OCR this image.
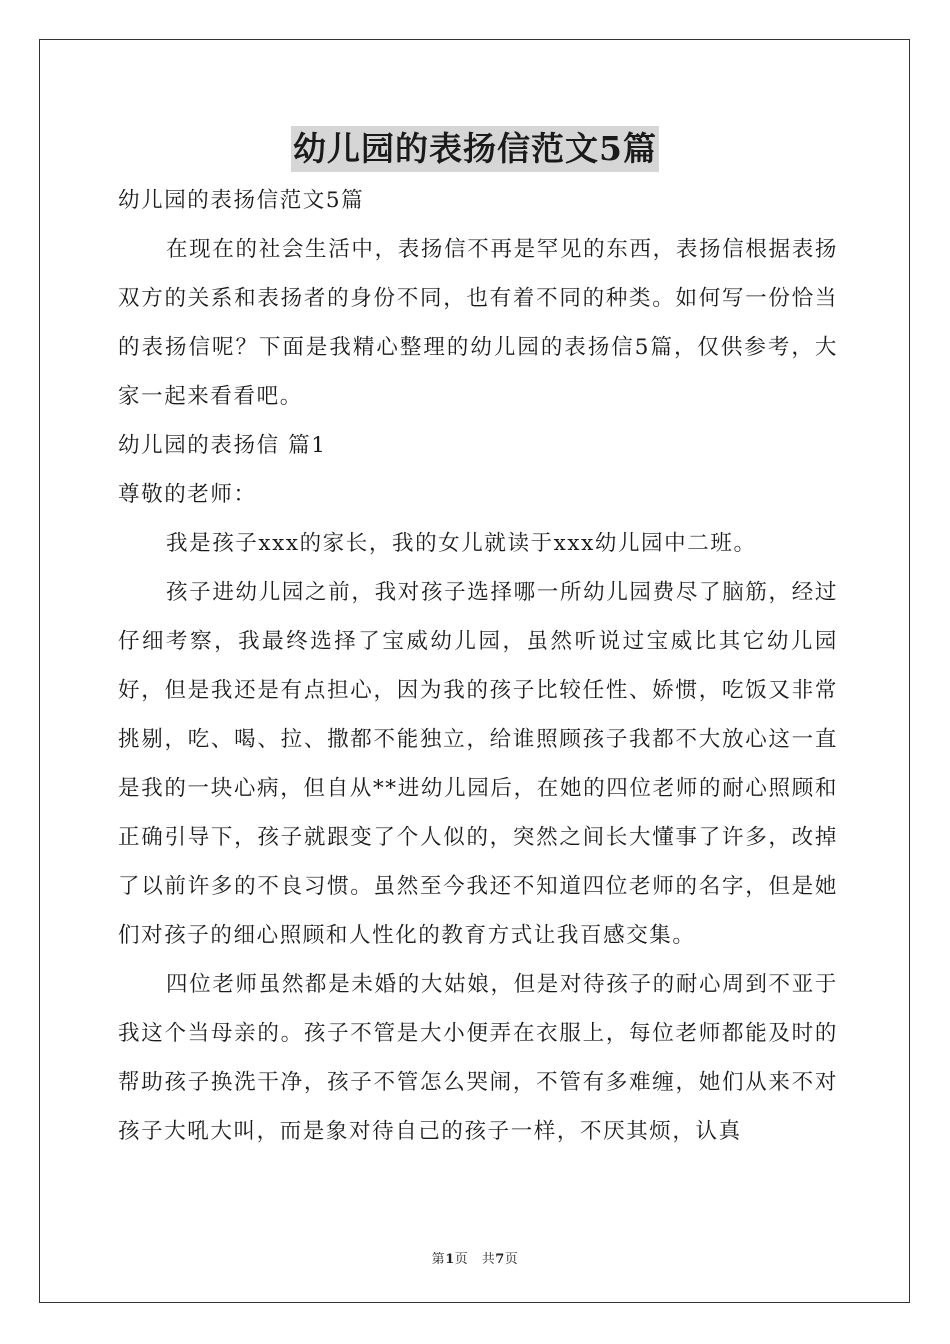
幼儿园的表扬信范文5篇

幼儿园的表扬信范文5篇

在现在的社会生活中，表扬信不再是罕见的东西，表扬信根据表扬双方的关系和表扬者的身份不同，也有着不同的种类。如何写一份恰当的表扬信呢？下面是我精心整理的幼儿园的表扬信5篇，仅供参考，大家一起来看看吧。

幼儿园的表扬信 篇1

尊敬的老师：

我是孩子xxx的家长，我的女儿就读于xxx幼儿园中二班。

孩子进幼儿园之前，我对孩子选择哪一所幼儿园费尽了脑筋，经过仔细考察，我最终选择了宝威幼儿园，虽然听说过宝威比其它幼儿园好，但是我还是有点担心，因为我的孩子比较任性、娇惯，吃饭又非常挑剔，吃、喝、拉、撒都不能独立，给谁照顾孩子我都不大放心这一直是我的一块心病，但自从**进幼儿园后，在她的四位老师的耐心照顾和正确引导下，孩子就跟变了个人似的，突然之间长大懂事了许多，改掉了以前许多的不良习惯。虽然至今我还不知道四位老师的名字，但是她们对孩子的细心照顾和人性化的教育方式让我百感交集。

四位老师虽然都是未婚的大姑娘，但是对待孩子的耐心周到不亚于我这个当母亲的。孩子不管是大小便弄在衣服上，每位老师都能及时的帮助孩子换洗干净，孩子不管怎么哭闹，不管有多难缠，她们从来不对孩子大吼大叫，而是象对待自己的孩子一样，不厌其烦，认真

第1页　共7页
